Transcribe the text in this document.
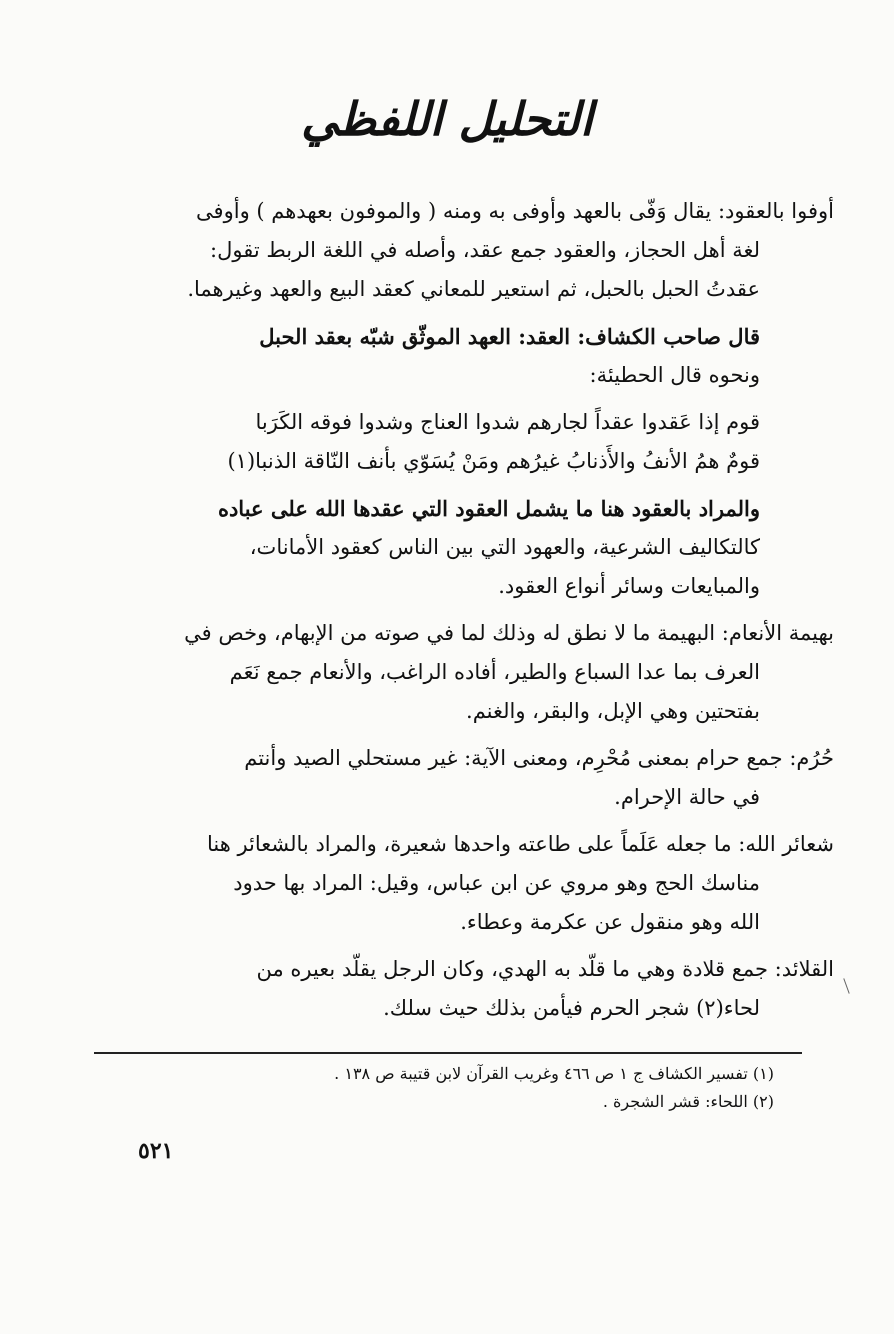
التحليل اللفظي
أوفوا بالعقود: يقال وَفّى بالعهد وأوفى به ومنه ( والموفون بعهدهم ) وأوفى
لغة أهل الحجاز، والعقود جمع عقد، وأصله في اللغة الربط تقول:
عقدتُ الحبل بالحبل، ثم استعير للمعاني كعقد البيع والعهد وغيرهما.
قال صاحب الكشاف: العقد: العهد الموثّق شبّه بعقد الحبل
ونحوه قال الحطيئة:
قوم إذا عَقدوا عقداً لجارهم شدوا العناج وشدوا فوقه الكَرَبا
قومٌ همُ الأنفُ والأَذنابُ غيرُهم ومَنْ يُسَوّي بأنف النّاقة الذنبا(١)
والمراد بالعقود هنا ما يشمل العقود التي عقدها الله على عباده
كالتكاليف الشرعية، والعهود التي بين الناس كعقود الأمانات،
والمبايعات وسائر أنواع العقود.
بهيمة الأنعام: البهيمة ما لا نطق له وذلك لما في صوته من الإبهام، وخص في
العرف بما عدا السباع والطير، أفاده الراغب، والأنعام جمع نَعَم
بفتحتين وهي الإبل، والبقر، والغنم.
حُرُم: جمع حرام بمعنى مُحْرِم، ومعنى الآية: غير مستحلي الصيد وأنتم
في حالة الإحرام.
شعائر الله: ما جعله عَلَماً على طاعته واحدها شعيرة، والمراد بالشعائر هنا
مناسك الحج وهو مروي عن ابن عباس، وقيل: المراد بها حدود
الله وهو منقول عن عكرمة وعطاء.
القلائد: جمع قلادة وهي ما قلّد به الهدي، وكان الرجل يقلّد بعيره من
لحاء(٢) شجر الحرم فيأمن بذلك حيث سلك.
(١) تفسير الكشاف ج ١ ص ٤٦٦ وغريب القرآن لابن قتيبة ص ١٣٨ .
(٢) اللحاء: قشر الشجرة .
٥٢١
